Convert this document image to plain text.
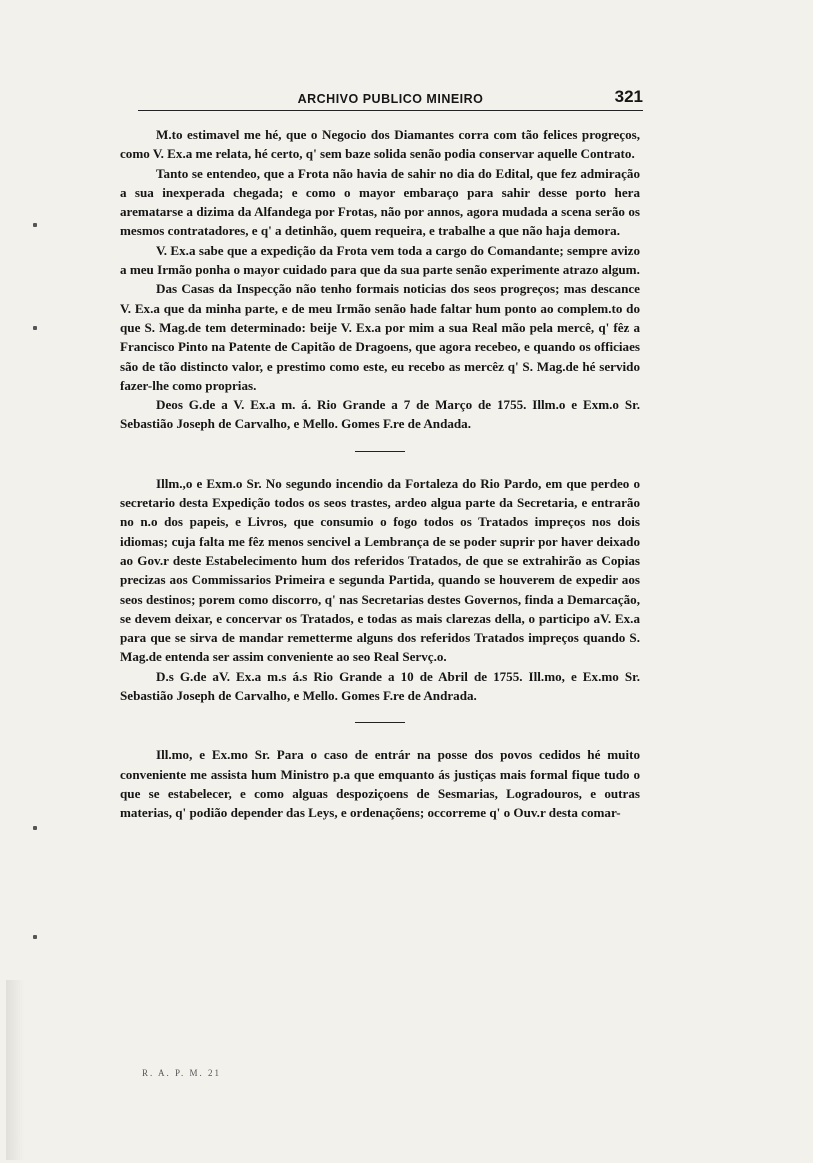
ARCHIVO PUBLICO MINEIRO	321

M.to estimavel me hé, que o Negocio dos Diamantes corra com tão felices progreços, como V. Ex.a me relata, hé certo, q' sem baze solida senão podia conservar aquelle Contrato.

Tanto se entendeo, que a Frota não havia de sahir no dia do Edital, que fez admiração a sua inexperada chegada; e como o mayor embaraço para sahir desse porto hera arematarse a dizima da Alfandega por Frotas, não por annos, agora mudada a scena serão os mesmos contratadores, e q' a detinhão, quem requeira, e trabalhe a que não haja demora.

V. Ex.a sabe que a expedição da Frota vem toda a cargo do Comandante; sempre avizo a meu Irmão ponha o mayor cuidado para que da sua parte senão experimente atrazo algum.

Das Casas da Inspecção não tenho formais noticias dos seos progreços; mas descance V. Ex.a que da minha parte, e de meu Irmão senão hade faltar hum ponto ao complem.to do que S. Mag.de tem determinado: beije V. Ex.a por mim a sua Real mão pela mercê, q' fêz a Francisco Pinto na Patente de Capitão de Dragoens, que agora recebeo, e quando os officiaes são de tão distincto valor, e prestimo como este, eu recebo as mercêz q' S. Mag.de hé servido fazer-lhe como proprias.

Deos G.de a V. Ex.a m. á. Rio Grande a 7 de Março de 1755. Illm.o e Exm.o Sr. Sebastião Joseph de Carvalho, e Mello. Gomes F.re de Andada.

Illm.,o e Exm.o Sr. No segundo incendio da Fortaleza do Rio Pardo, em que perdeo o secretario desta Expedição todos os seos trastes, ardeo algua parte da Secretaria, e entrarão no n.o dos papeis, e Livros, que consumio o fogo todos os Tratados impreços nos dois idiomas; cuja falta me fêz menos sencivel a Lembrança de se poder suprir por haver deixado ao Gov.r deste Estabelecimento hum dos referidos Tratados, de que se extrahirão as Copias precizas aos Commissarios Primeira e segunda Partida, quando se houverem de expedir aos seos destinos; porem como discorro, q' nas Secretarias destes Governos, finda a Demarcação, se devem deixar, e concervar os Tratados, e todas as mais clarezas della, o participo aV. Ex.a para que se sirva de mandar remetterme alguns dos referidos Tratados impreços quando S. Mag.de entenda ser assim conveniente ao seo Real Servç.o.

D.s G.de aV. Ex.a m.s á.s Rio Grande a 10 de Abril de 1755. Ill.mo, e Ex.mo Sr. Sebastião Joseph de Carvalho, e Mello. Gomes F.re de Andrada.

Ill.mo, e Ex.mo Sr. Para o caso de entrár na posse dos povos cedidos hé muito conveniente me assista hum Ministro p.a que emquanto ás justiças mais formal fique tudo o que se estabelecer, e como alguas despoziçoens de Sesmarias, Logradouros, e outras materias, q' podião depender das Leys, e ordenaçõens; occorreme q' o Ouv.r desta comar-

R. A. P. M. 21
